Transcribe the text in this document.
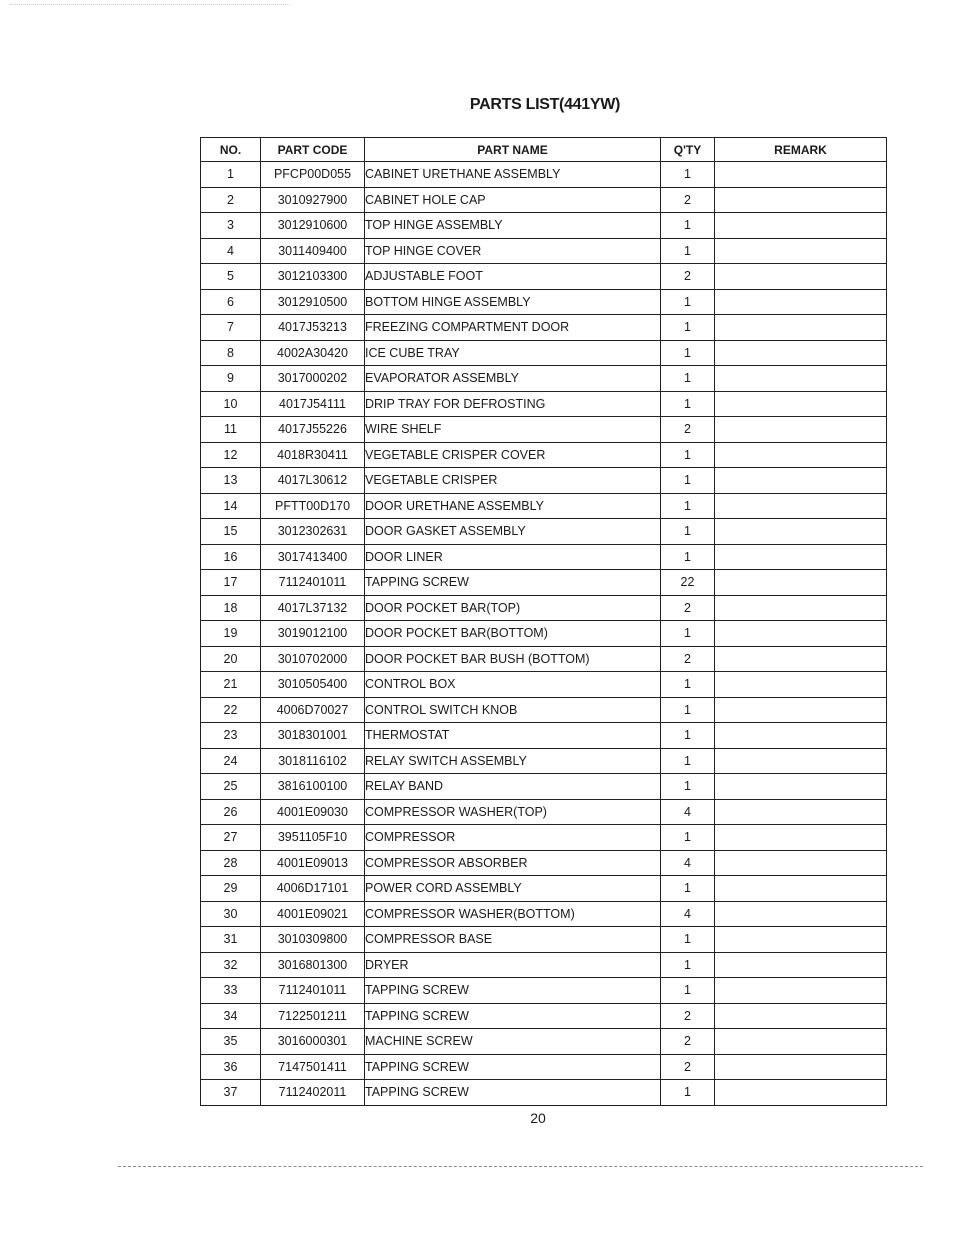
PARTS LIST(441YW)
NO.	PART CODE	PART NAME	Q'TY	REMARK
1	PFCP00D055	CABINET URETHANE ASSEMBLY	1	
2	3010927900	CABINET HOLE CAP	2	
3	3012910600	TOP HINGE ASSEMBLY	1	
4	3011409400	TOP HINGE COVER	1	
5	3012103300	ADJUSTABLE FOOT	2	
6	3012910500	BOTTOM HINGE ASSEMBLY	1	
7	4017J53213	FREEZING COMPARTMENT DOOR	1	
8	4002A30420	ICE CUBE TRAY	1	
9	3017000202	EVAPORATOR ASSEMBLY	1	
10	4017J54111	DRIP TRAY FOR DEFROSTING	1	
11	4017J55226	WIRE SHELF	2	
12	4018R30411	VEGETABLE CRISPER COVER	1	
13	4017L30612	VEGETABLE CRISPER	1	
14	PFTT00D170	DOOR URETHANE ASSEMBLY	1	
15	3012302631	DOOR GASKET ASSEMBLY	1	
16	3017413400	DOOR LINER	1	
17	7112401011	TAPPING SCREW	22	
18	4017L37132	DOOR POCKET BAR(TOP)	2	
19	3019012100	DOOR POCKET BAR(BOTTOM)	1	
20	3010702000	DOOR POCKET BAR BUSH (BOTTOM)	2	
21	3010505400	CONTROL BOX	1	
22	4006D70027	CONTROL SWITCH KNOB	1	
23	3018301001	THERMOSTAT	1	
24	3018116102	RELAY SWITCH ASSEMBLY	1	
25	3816100100	RELAY BAND	1	
26	4001E09030	COMPRESSOR WASHER(TOP)	4	
27	3951105F10	COMPRESSOR	1	
28	4001E09013	COMPRESSOR ABSORBER	4	
29	4006D17101	POWER CORD ASSEMBLY	1	
30	4001E09021	COMPRESSOR WASHER(BOTTOM)	4	
31	3010309800	COMPRESSOR BASE	1	
32	3016801300	DRYER	1	
33	7112401011	TAPPING SCREW	1	
34	7122501211	TAPPING SCREW	2	
35	3016000301	MACHINE SCREW	2	
36	7147501411	TAPPING SCREW	2	
37	7112402011	TAPPING SCREW	1	
20
